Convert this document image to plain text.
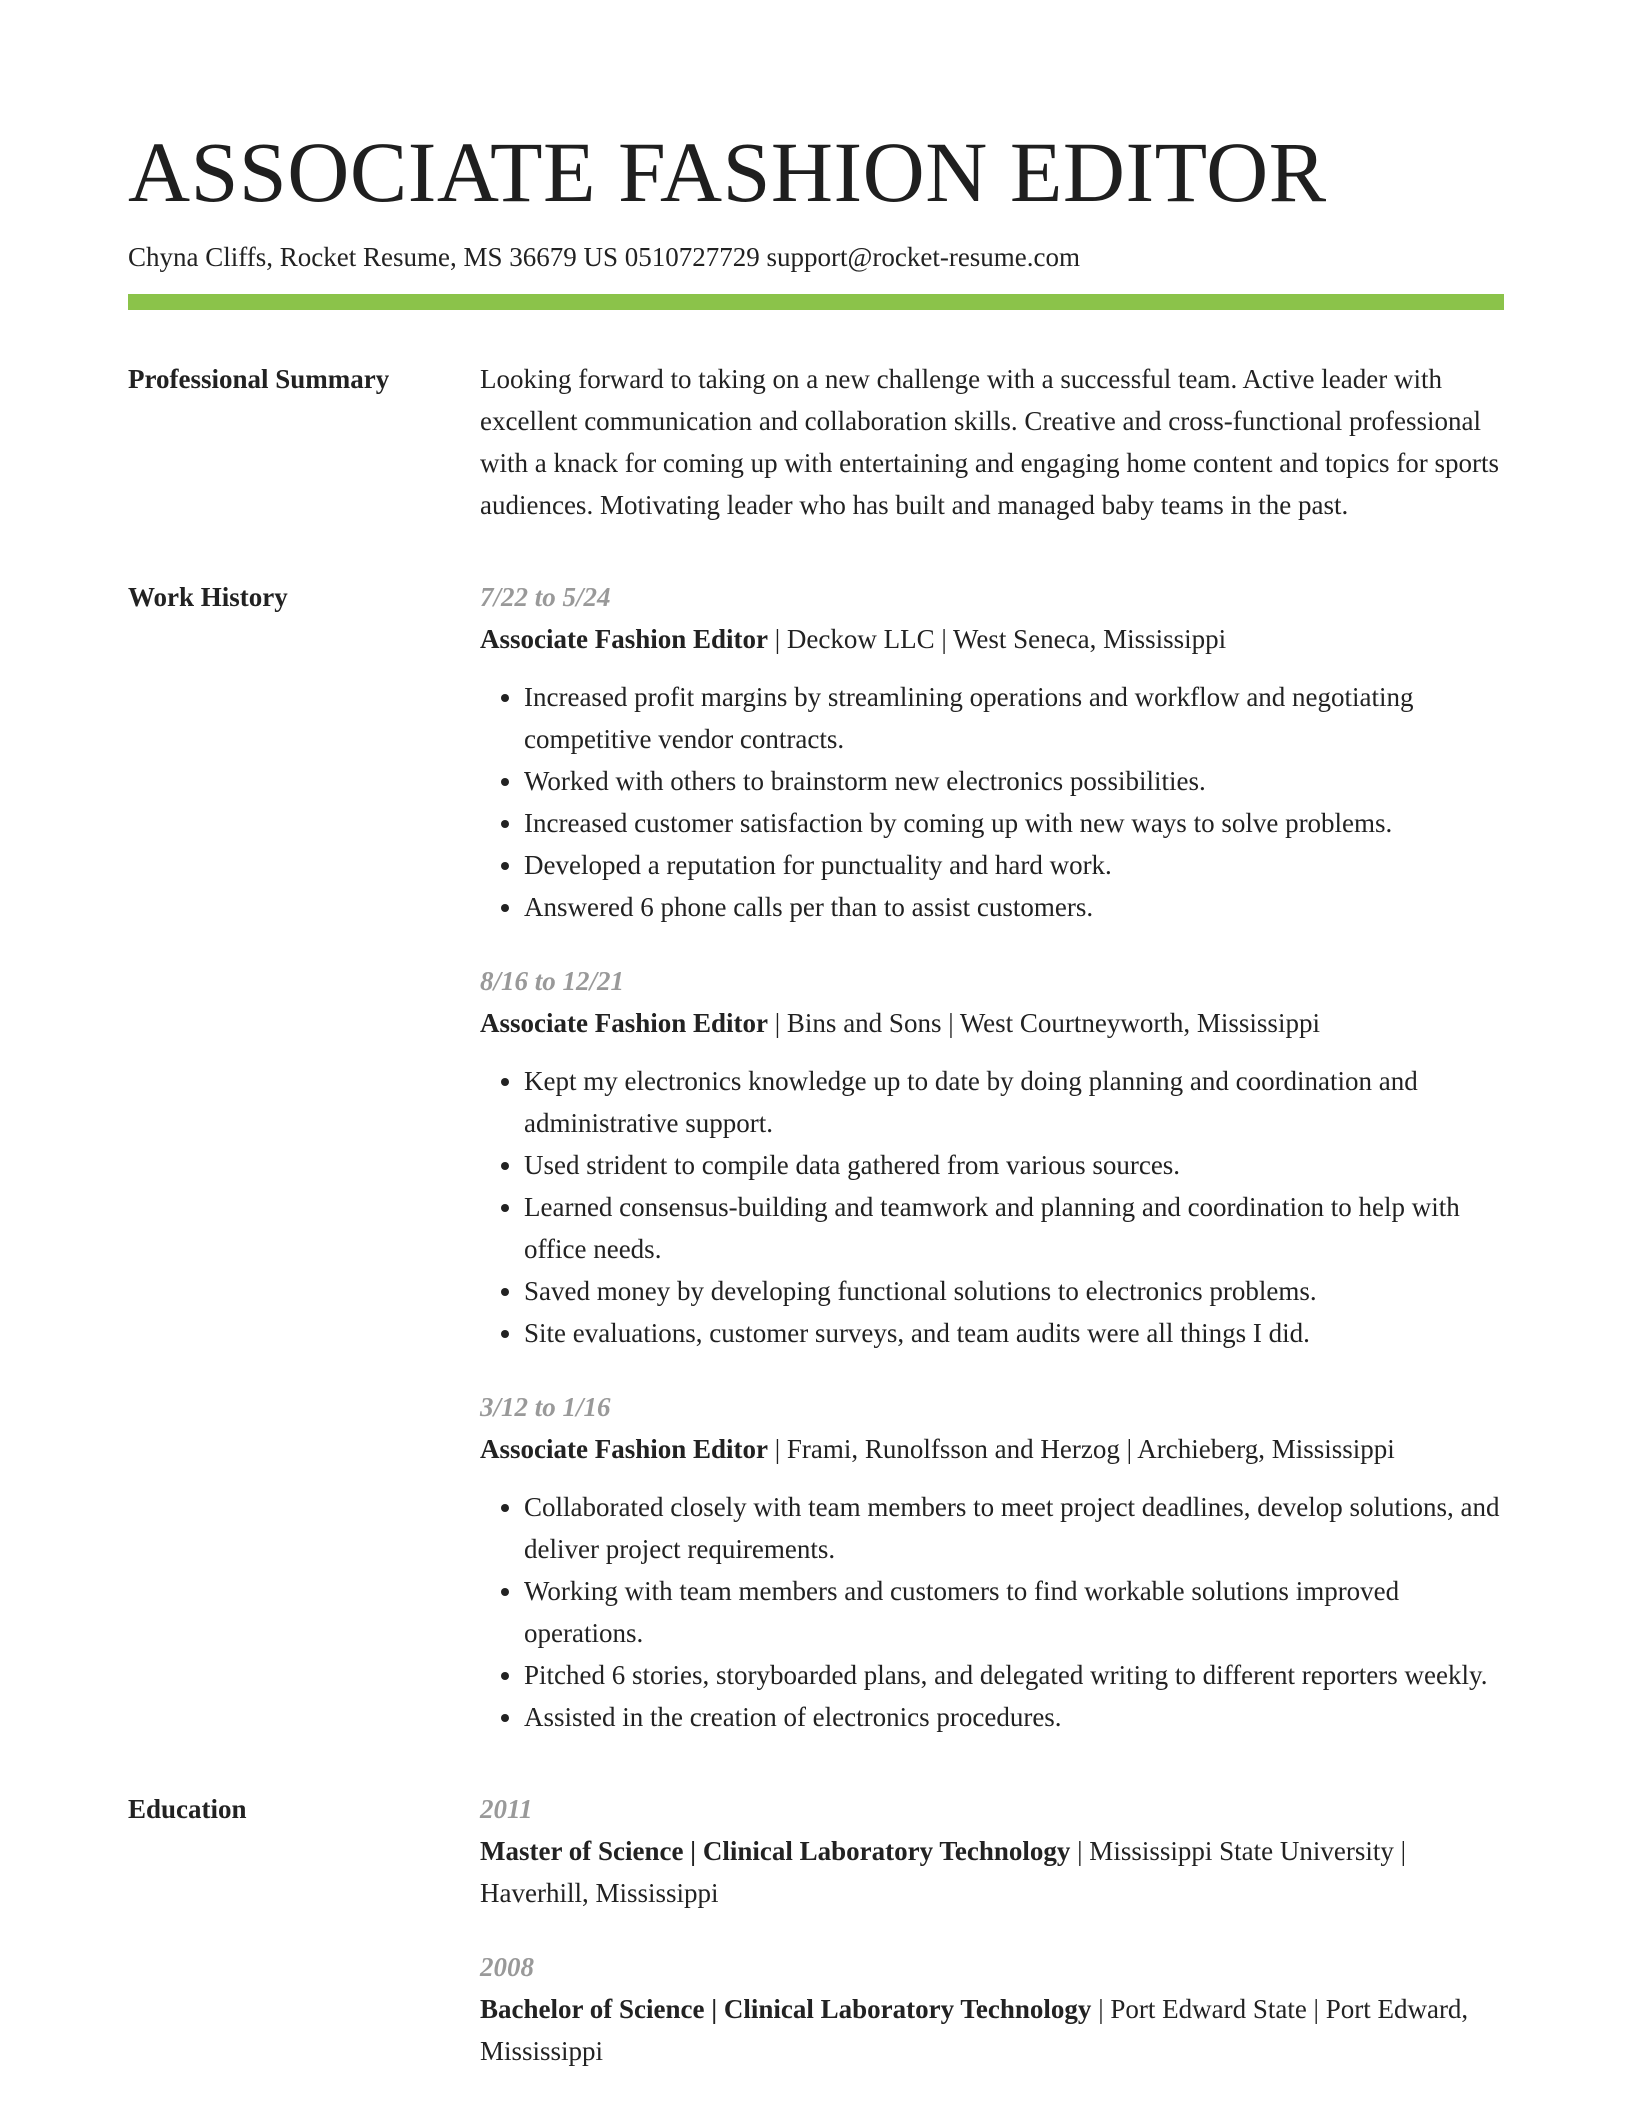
ASSOCIATE FASHION EDITOR
Chyna Cliffs, Rocket Resume, MS 36679 US 0510727729 support@rocket-resume.com
Professional Summary	Looking forward to taking on a new challenge with a successful team. Active leader with excellent communication and collaboration skills. Creative and cross-functional professional with a knack for coming up with entertaining and engaging home content and topics for sports audiences. Motivating leader who has built and managed baby teams in the past.

Work History	7/22 to 5/24
Associate Fashion Editor | Deckow LLC | West Seneca, Mississippi
• Increased profit margins by streamlining operations and workflow and negotiating competitive vendor contracts.
• Worked with others to brainstorm new electronics possibilities.
• Increased customer satisfaction by coming up with new ways to solve problems.
• Developed a reputation for punctuality and hard work.
• Answered 6 phone calls per than to assist customers.
8/16 to 12/21
Associate Fashion Editor | Bins and Sons | West Courtneyworth, Mississippi
• Kept my electronics knowledge up to date by doing planning and coordination and administrative support.
• Used strident to compile data gathered from various sources.
• Learned consensus-building and teamwork and planning and coordination to help with office needs.
• Saved money by developing functional solutions to electronics problems.
• Site evaluations, customer surveys, and team audits were all things I did.
3/12 to 1/16
Associate Fashion Editor | Frami, Runolfsson and Herzog | Archieberg, Mississippi
• Collaborated closely with team members to meet project deadlines, develop solutions, and deliver project requirements.
• Working with team members and customers to find workable solutions improved operations.
• Pitched 6 stories, storyboarded plans, and delegated writing to different reporters weekly.
• Assisted in the creation of electronics procedures.
Education	2011
Master of Science | Clinical Laboratory Technology | Mississippi State University | Haverhill, Mississippi
2008
Bachelor of Science | Clinical Laboratory Technology | Port Edward State | Port Edward, Mississippi
